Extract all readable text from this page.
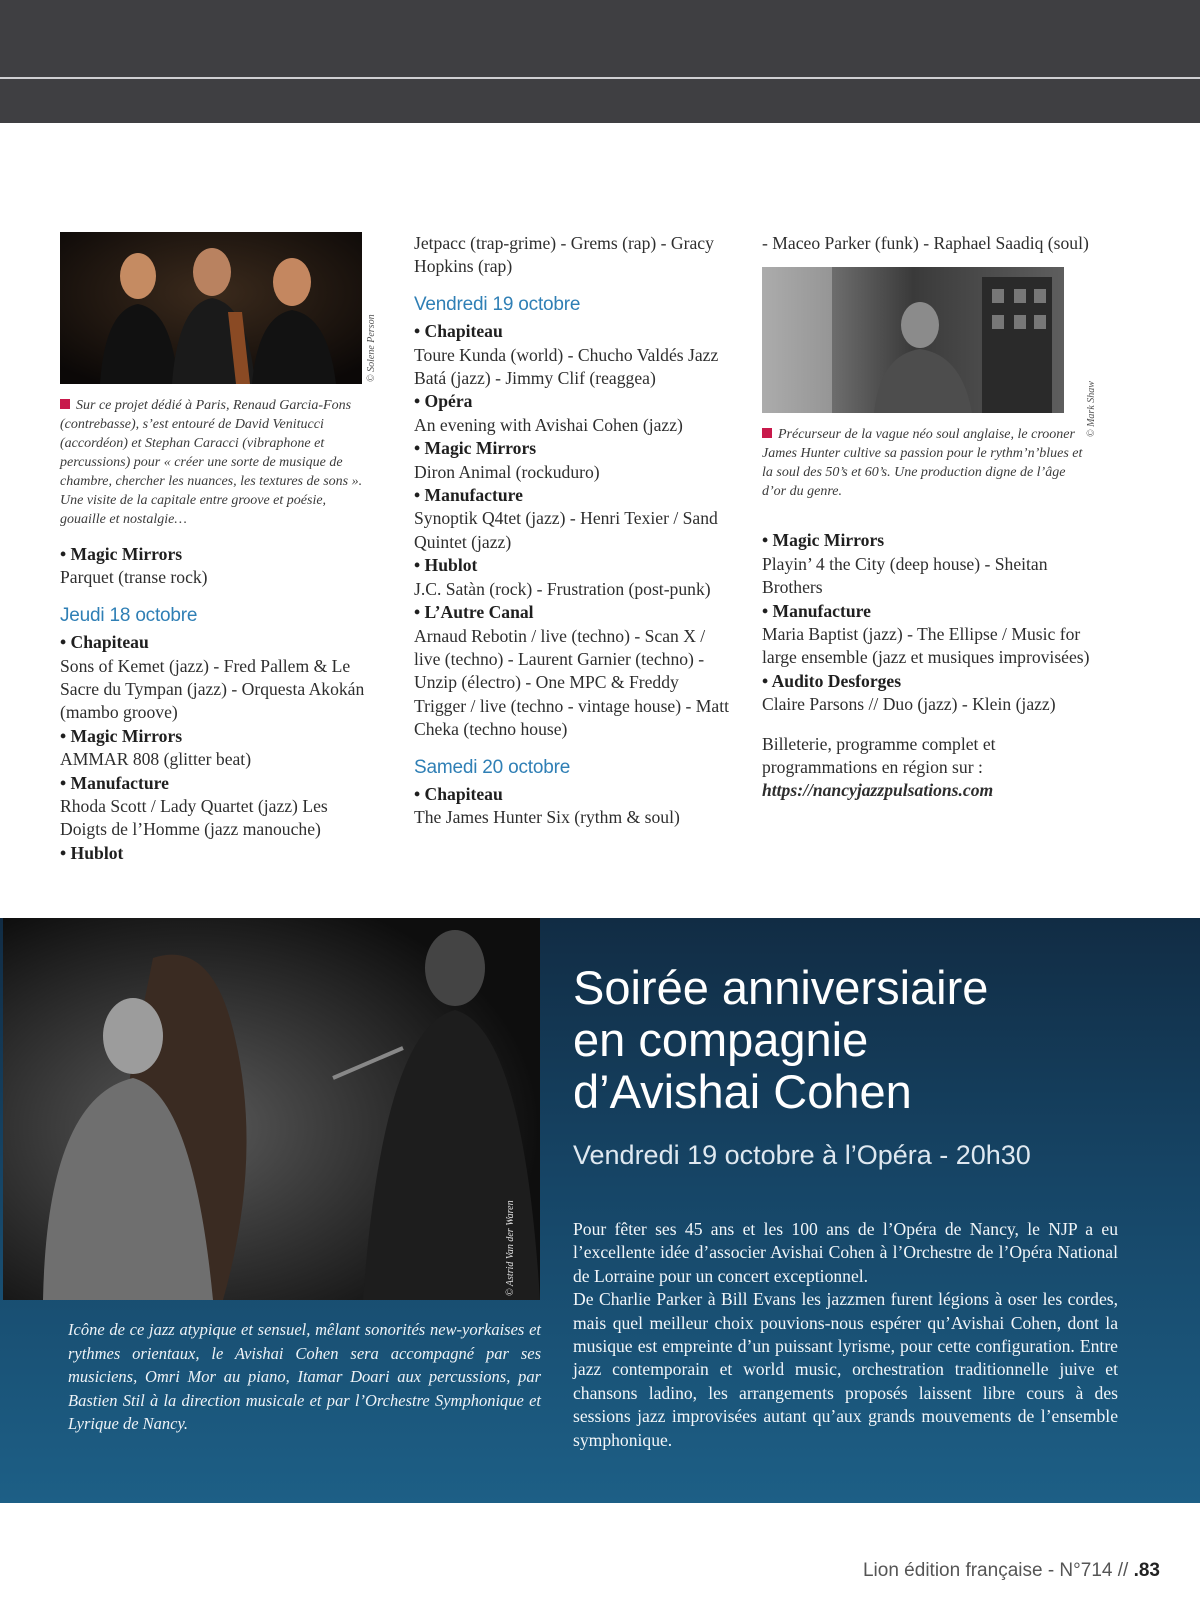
© Solene Person

Sur ce projet dédié à Paris, Renaud Garcia-Fons (contrebasse), s’est entouré de David Venitucci (accordéon) et Stephan Caracci (vibraphone et percussions) pour « créer une sorte de musique de chambre, chercher les nuances, les textures de sons ». Une visite de la capitale entre groove et poésie, gouaille et nostalgie…

• Magic Mirrors

Parquet (transe rock)

Jeudi 18 octobre

• Chapiteau

Sons of Kemet (jazz) - Fred Pallem & Le Sacre du Tympan (jazz) - Orquesta Akokán (mambo groove)

• Magic Mirrors

AMMAR 808 (glitter beat)

• Manufacture

Rhoda Scott / Lady Quartet (jazz) Les Doigts de l’Homme (jazz manouche)

• Hublot

Jetpacc (trap-grime) - Grems (rap) - Gracy Hopkins (rap)

Vendredi 19 octobre

• Chapiteau

Toure Kunda (world) - Chucho Valdés Jazz Batá (jazz) - Jimmy Clif (reaggea)

• Opéra

An evening with Avishai Cohen (jazz)

• Magic Mirrors

Diron Animal (rockuduro)

• Manufacture

Synoptik Q4tet (jazz) - Henri Texier / Sand Quintet (jazz)

• Hublot

J.C. Satàn (rock) - Frustration (post-punk)

• L’Autre Canal

Arnaud Rebotin / live (techno) - Scan X / live (techno) - Laurent Garnier (techno) - Unzip (électro) - One MPC & Freddy Trigger / live (techno - vintage house) - Matt Cheka (techno house)

Samedi 20 octobre

• Chapiteau

The James Hunter Six (rythm & soul)

- Maceo Parker (funk) - Raphael Saadiq (soul)

© Mark Shaw

Précurseur de la vague néo soul anglaise, le crooner James Hunter cultive sa passion pour le rythm’n’blues et la soul des 50’s et 60’s. Une production digne de l’âge d’or du genre.

• Magic Mirrors

Playin’ 4 the City (deep house) - Sheitan Brothers

• Manufacture

Maria Baptist (jazz) - The Ellipse / Music for large ensemble (jazz et musiques improvisées)

• Audito Desforges

Claire Parsons // Duo (jazz) - Klein (jazz)

Billeterie, programme complet et programmations en région sur :

https://nancyjazzpulsations.com

© Astrid Van der Waren
Icône de ce jazz atypique et sensuel, mêlant sonorités new-yorkaises et rythmes orientaux, le Avishai Cohen sera accompagné par ses musiciens, Omri Mor au piano, Itamar Doari aux percussions, par Bastien Stil à la direction musicale et par l’Orchestre Symphonique et Lyrique de Nancy.
Soirée anniversiaire
en compagnie
d’Avishai Cohen
Vendredi 19 octobre à l’Opéra - 20h30

Pour fêter ses 45 ans et les 100 ans de l’Opéra de Nancy, le NJP a eu l’excellente idée d’associer Avishai Cohen à l’Orchestre de l’Opéra National de Lorraine pour un concert exceptionnel.

De Charlie Parker à Bill Evans les jazzmen furent légions à oser les cordes, mais quel meilleur choix pouvions-nous espérer qu’Avishai Cohen, dont la musique est empreinte d’un puissant lyrisme, pour cette configuration. Entre jazz contemporain et world music, orchestration traditionnelle juive et chansons ladino, les arrangements proposés laissent libre cours à des sessions jazz improvisées autant qu’aux grands mouvements de l’ensemble symphonique.

Lion édition française - N°714 // .83
